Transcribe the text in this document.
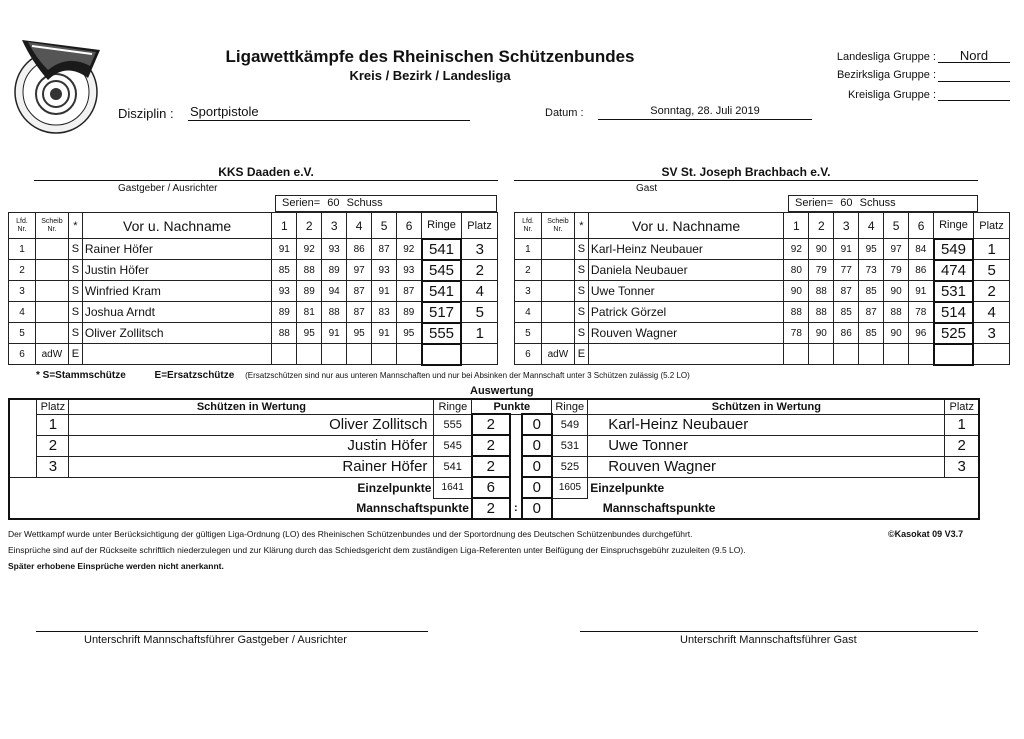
Ligawettkämpfe des Rheinischen Schützenbundes
Kreis / Bezirk / Landesliga
Landesliga Gruppe :	Nord
Bezirksliga Gruppe :
Kreisliga Gruppe :
Disziplin : Sportpistole	Datum :	Sonntag, 28. Juli 2019
KKS Daaden e.V.
Gastgeber / Ausrichter
SV St. Joseph Brachbach e.V.
Gast
Serien= 60 Schuss	Serien= 60 Schuss
Lfd. Nr.	Scheib Nr.	*	Vor u. Nachname	1	2	3	4	5	6	Ringe	Platz
1		S	Rainer Höfer	91	92	93	86	87	92	541	3
2		S	Justin Höfer	85	88	89	97	93	93	545	2
3		S	Winfried Kram	93	89	94	87	91	87	541	4
4		S	Joshua Arndt	89	81	88	87	83	89	517	5
5		S	Oliver Zollitsch	88	95	91	95	91	95	555	1
6	adW	E									
Lfd. Nr.	Scheib Nr.	*	Vor u. Nachname	1	2	3	4	5	6	Ringe	Platz
1		S	Karl-Heinz Neubauer	92	90	91	95	97	84	549	1
2		S	Daniela Neubauer	80	79	77	73	79	86	474	5
3		S	Uwe Tonner	90	88	87	85	90	91	531	2
4		S	Patrick Görzel	88	88	85	87	88	78	514	4
5		S	Rouven Wagner	78	90	86	85	90	96	525	3
6	adW	E									
* S=Stammschütze	E=Ersatzschütze (Ersatzschützen sind nur aus unteren Mannschaften und nur bei Absinken der Mannschaft unter 3 Schützen zulässig (5.2 LO)
Auswertung
	Platz	Schützen in Wertung	Ringe	Punkte			Ringe	Schützen in Wertung	Platz
	1	Oliver Zollitsch	555	2		0	549	Karl-Heinz Neubauer	1
	2	Justin Höfer	545	2		0	531	Uwe Tonner	2
	3	Rainer Höfer	541	2		0	525	Rouven Wagner	3
Einzelpunkte			1641	6		0	1605	Einzelpunkte	
Mannschaftspunkte				2	:	0	Mannschaftspunkte		
Der Wettkampf wurde unter Berücksichtigung der gültigen Liga-Ordnung (LO) des Rheinischen Schützenbundes und der Sportordnung des Deutschen Schützenbundes durchgeführt.	©Kasokat 09 V3.7
Einsprüche sind auf der Rückseite schriftlich niederzulegen und zur Klärung durch das Schiedsgericht dem zuständigen Liga-Referenten unter Beifügung der Einspruchsgebühr zuzuleiten (9.5 LO).
Später erhobene Einsprüche werden nicht anerkannt.
Unterschrift Mannschaftsführer Gastgeber / Ausrichter	Unterschrift Mannschaftsführer Gast
